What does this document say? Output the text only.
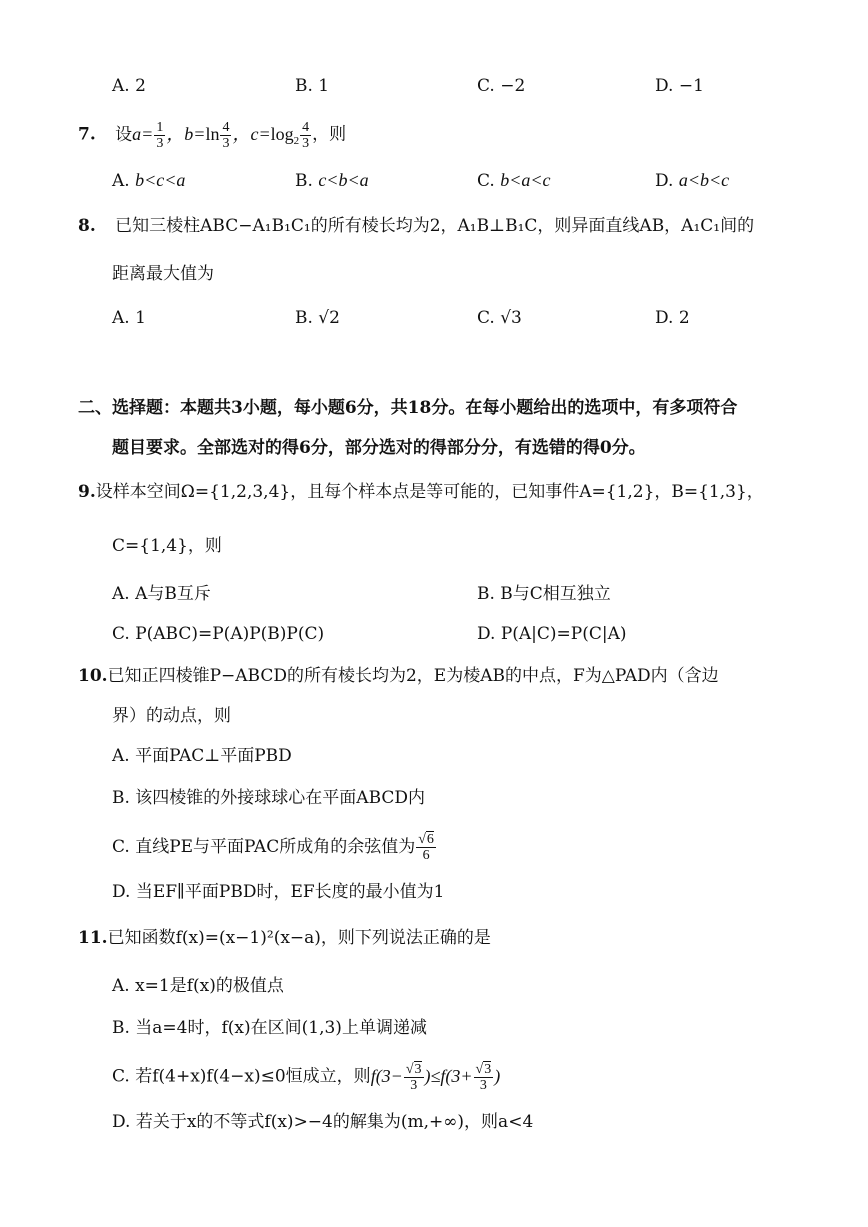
A. 2	B. 1	C. −2	D. −1
7. 设$a= \frac{1}{3}$ ，$b=\ln \frac{4}{3}$ ，$c=\log_2 \frac{4}{3}$ ，则
A. b<c<a	B. c<b<a	C. b<a<c	D. a<b<c
8. 已知三棱柱ABC−A₁B₁C₁的所有棱长均为2，A₁B⊥B₁C，则异面直线AB，A₁C₁间的
距离最大值为
A. 1	B. √2	C. √3	D. 2
二、选择题：本题共3小题，每小题6分，共18分。在每小题给出的选项中，有多项符合
题目要求。全部选对的得6分，部分选对的得部分分，有选错的得0分。
9.设样本空间Ω={1,2,3,4}，且每个样本点是等可能的，已知事件A={1,2}，B={1,3}，
C={1,4}，则
A. A与B互斥	B. B与C相互独立
C. P(ABC)=P(A)P(B)P(C)	D. P(A|C)=P(C|A)
10.已知正四棱锥P−ABCD的所有棱长均为2，E为棱AB的中点，F为△PAD内（含边
界）的动点，则
A. 平面PAC⊥平面PBD
B. 该四棱锥的外接球球心在平面ABCD内
C. 直线PE与平面PAC所成角的余弦值为 $\frac{√6}{6}$
D. 当EF∥平面PBD时，EF长度的最小值为1
11.已知函数f(x)=(x−1)²(x−a)，则下列说法正确的是
A. x=1是f(x)的极值点
B. 当a=4时，f(x)在区间(1,3)上单调递减
C. 若f(4+x)f(4−x)≤0恒成立，则$f(3- \frac{√3}{3} )\le f(3+ \frac{√3}{3}$ )
D. 若关于x的不等式f(x)>−4的解集为(m,+∞)，则a<4
